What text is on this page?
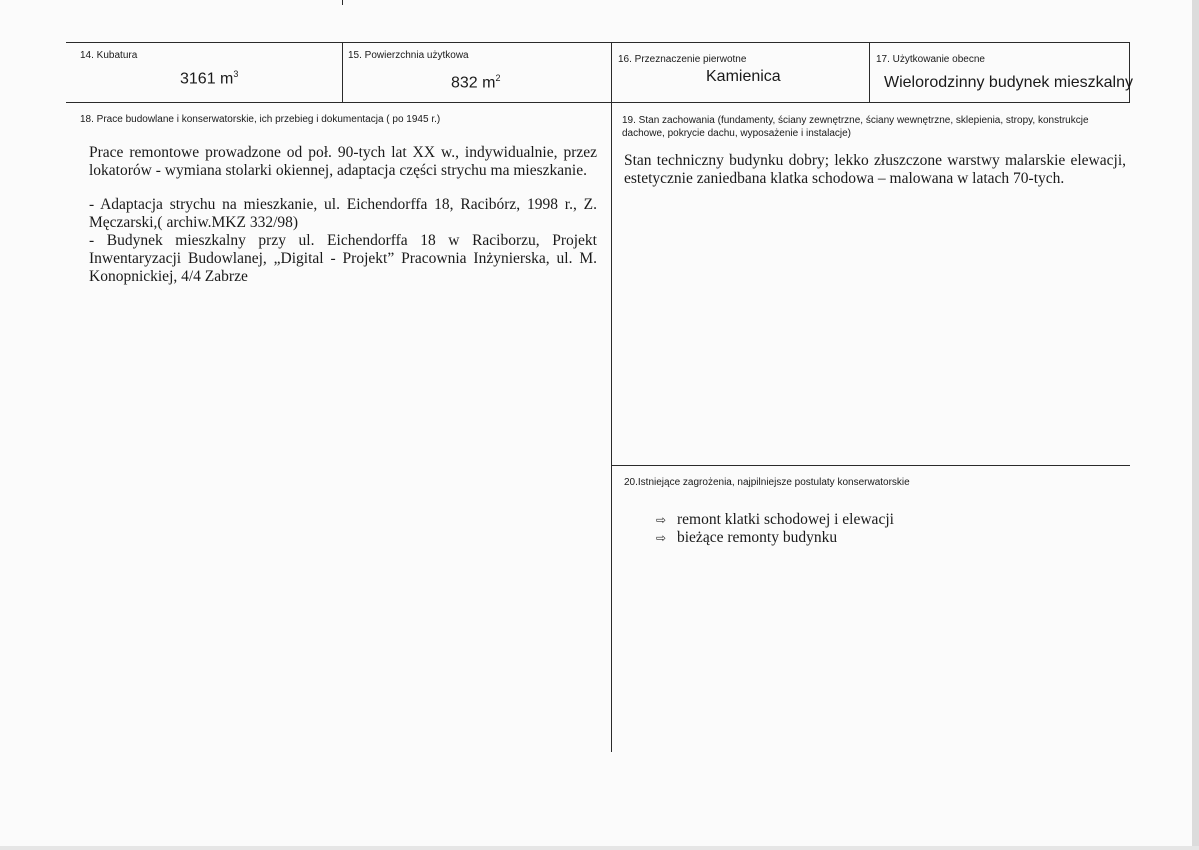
14. Kubatura
3161 $m^3$
15. Powierzchnia użytkowa
832 $m^2$
16. Przeznaczenie pierwotne
Kamienica
17. Użytkowanie obecne
Wielorodzinny budynek mieszkalny
18. Prace budowlane i konserwatorskie, ich przebieg i dokumentacja ( po 1945 r.)

Prace remontowe prowadzone od poł. 90-tych lat XX w., indywidualnie, przez lokatorów - wymiana stolarki okiennej, adaptacja części strychu ma mieszkanie.

- Adaptacja strychu na mieszkanie, ul. Eichendorffa 18, Racibórz, 1998 r., Z. Męczarski,( archiw.MKZ 332/98)

- Budynek mieszkalny przy ul. Eichendorffa 18 w Raciborzu, Projekt Inwentaryzacji Budowlanej, „Digital - Projekt” Pracownia Inżynierska, ul. M. Konopnickiej, 4/4 Zabrze

19. Stan zachowania (fundamenty, ściany zewnętrzne, ściany wewnętrzne, sklepienia, stropy, konstrukcje dachowe, pokrycie dachu, wyposażenie i instalacje)

Stan techniczny budynku dobry; lekko złuszczone warstwy malarskie elewacji, estetycznie zaniedbana klatka schodowa – malowana w latach 70-tych.

20.Istniejące zagrożenia, najpilniejsze postulaty konserwatorskie
⇨ remont klatki schodowej i elewacji
⇨ bieżące remonty budynku
